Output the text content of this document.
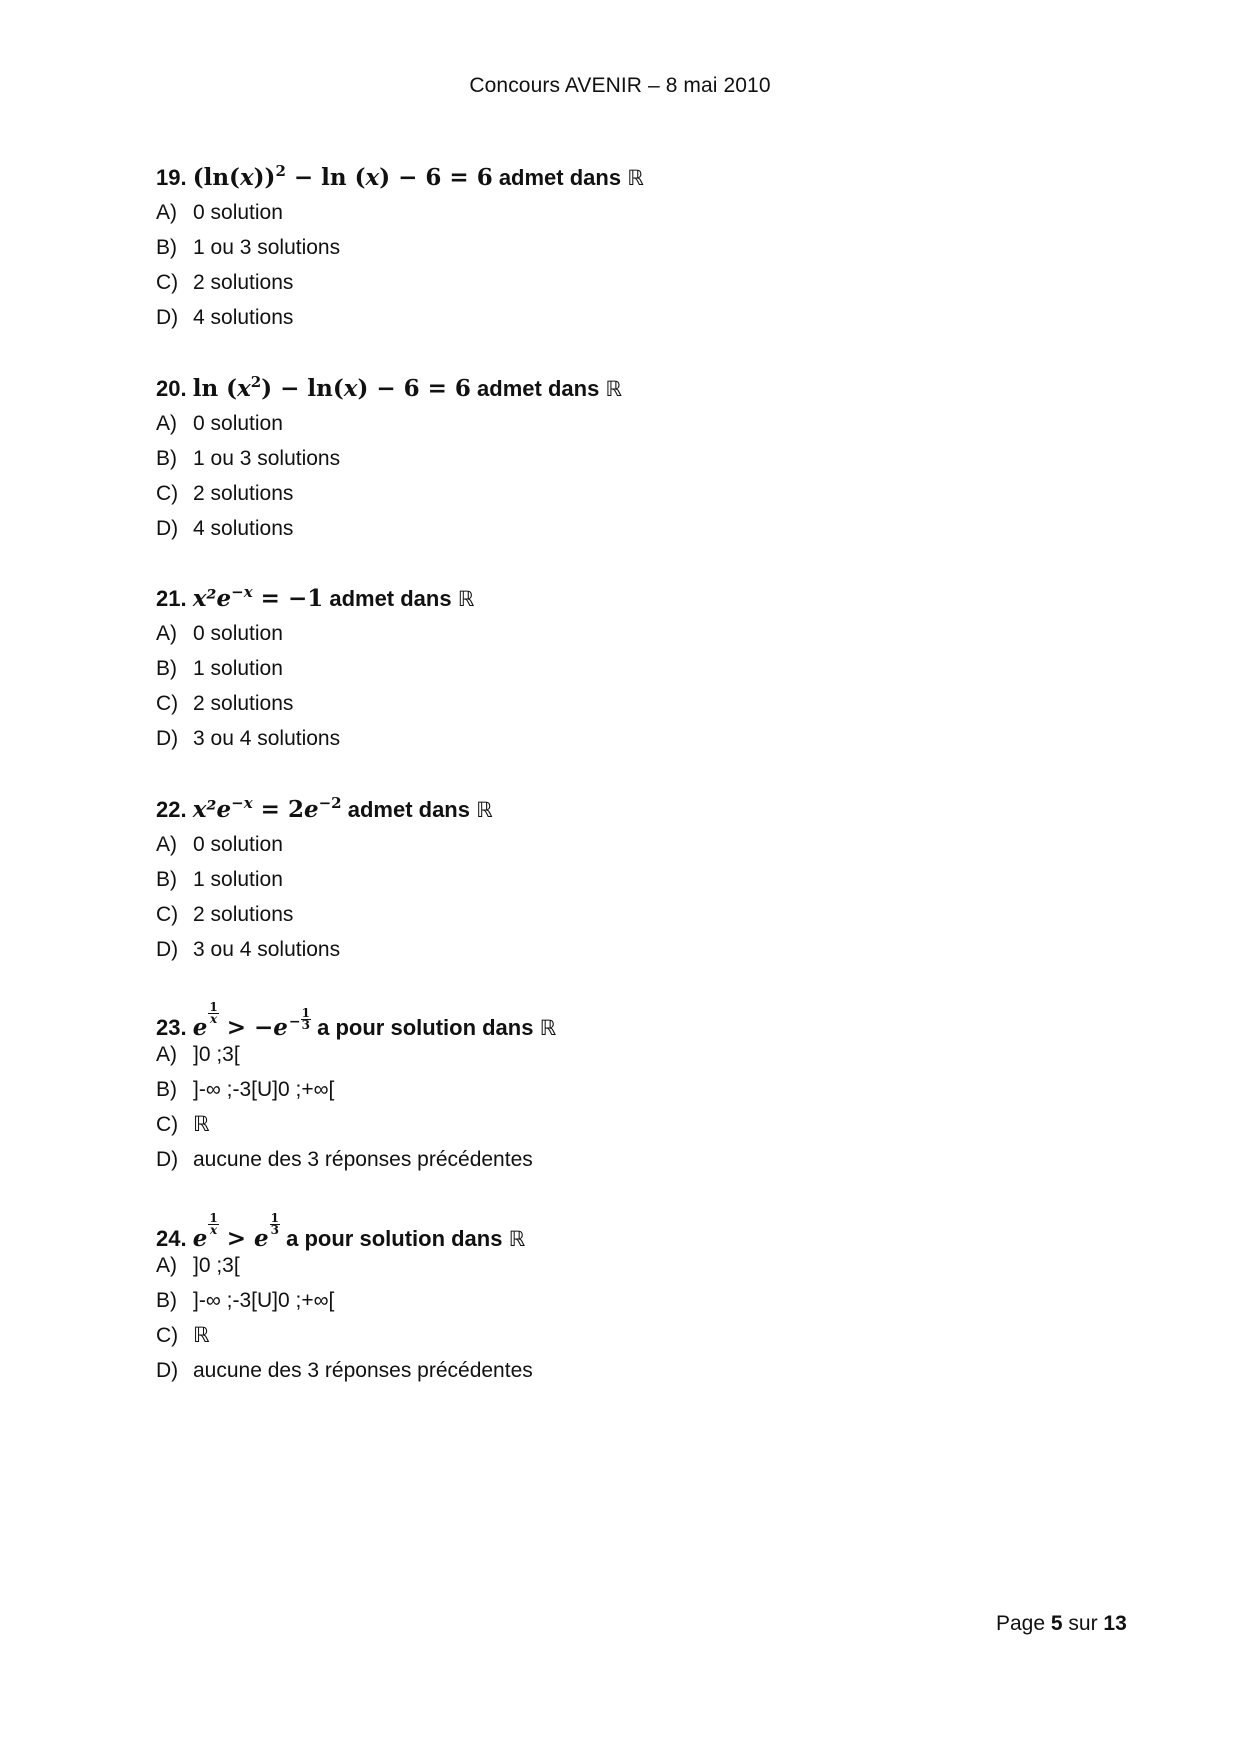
Concours AVENIR – 8 mai 2010
19. $(\ln(x))^2 - \ln (x) - 6 = 6$ admet dans ℝ
A) 0 solution
B) 1 ou 3 solutions
C) 2 solutions
D) 4 solutions
20. $\ln (x^2) - \ln(x) - 6 = 6$ admet dans ℝ
A) 0 solution
B) 1 ou 3 solutions
C) 2 solutions
D) 4 solutions
21. $x^2e^{-x} = -1$ admet dans ℝ
A) 0 solution
B) 1 solution
C) 2 solutions
D) 3 ou 4 solutions
22. $x^2e^{-x} = 2e^{-2}$ admet dans ℝ
A) 0 solution
B) 1 solution
C) 2 solutions
D) 3 ou 4 solutions
23. e
$\frac{1}{x}$
> $-e- \frac{1}{3}$ a pour solution dans ℝ
A) ]0 ;3[
B) ]-∞ ;-3[U]0 ;+∞[
C) ℝ
D) aucune des 3 réponses précédentes
24. e
$\frac{1}{x}$
> e
$\frac{1}{3}$
a pour solution dans ℝ
A) ]0 ;3[
B) ]-∞ ;-3[U]0 ;+∞[
C) ℝ
D) aucune des 3 réponses précédentes
Page 5 sur 13
